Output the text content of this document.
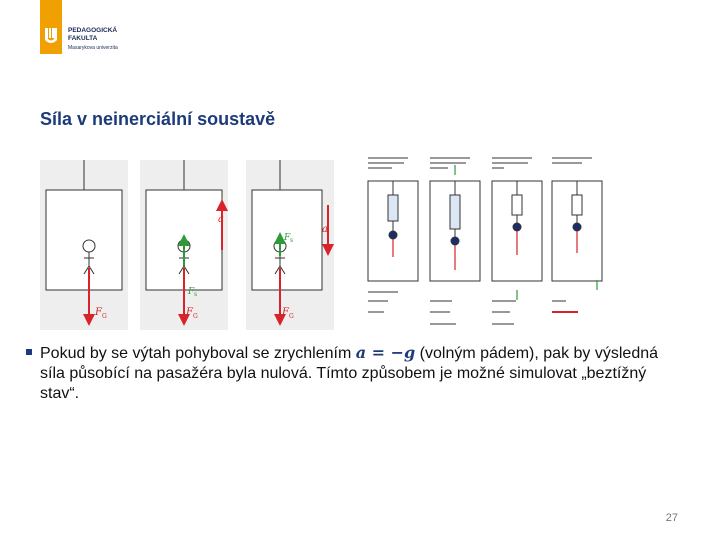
PEDAGOGICKÁ
FAKULTA
Masarykova univerzita
Síla v neinerciální soustavě
F G
F s
F G
a
F s
F G
a
Pokud by se výtah pohyboval se zrychlením a = −g (volným pádem), pak by výsledná síla působící na pasažéra byla nulová. Tímto způsobem je možné simulovat „beztížný stav“.
27
